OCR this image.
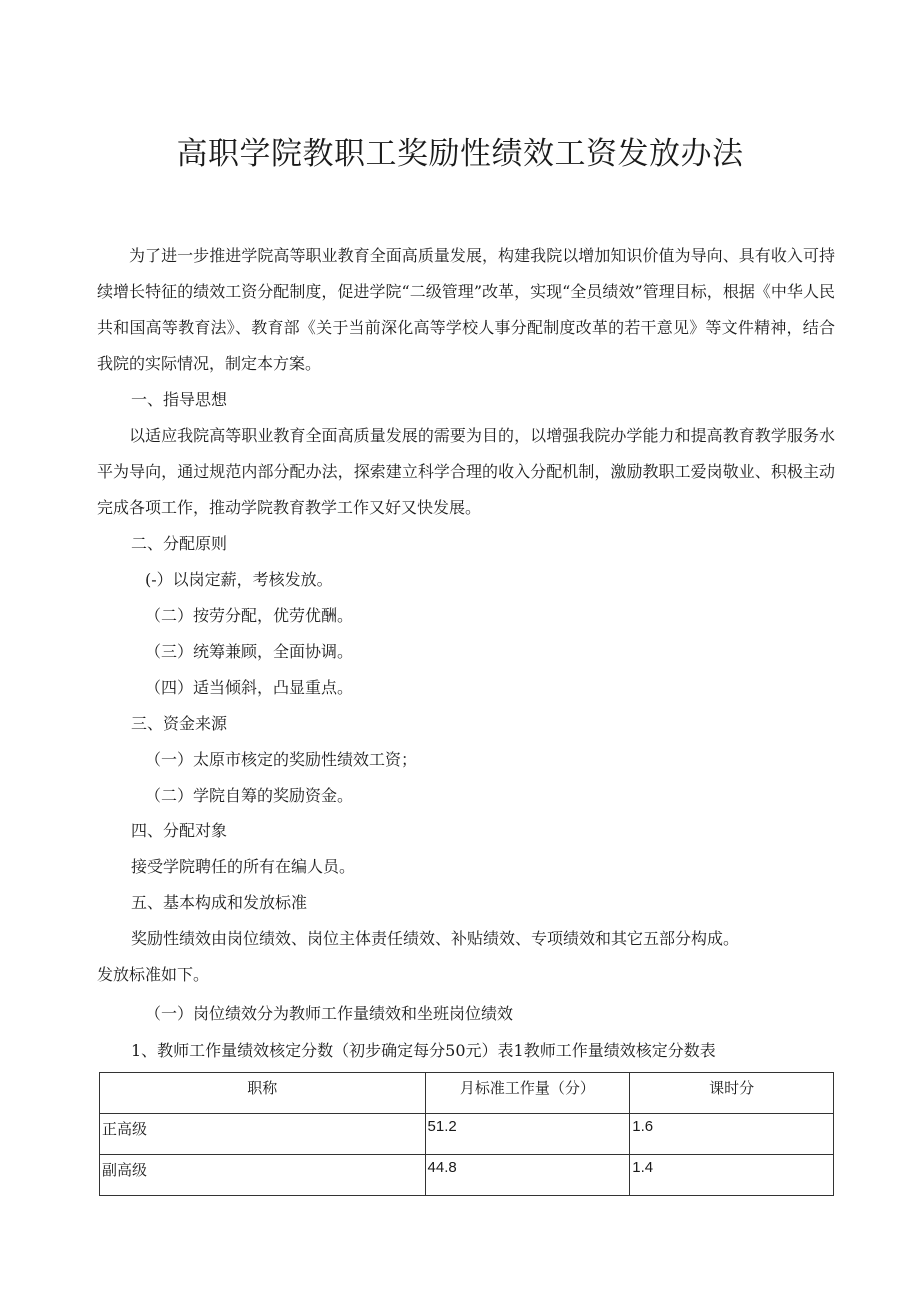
高职学院教职工奖励性绩效工资发放办法

为了进一步推进学院高等职业教育全面高质量发展，构建我院以增加知识价值为导向、具有收入可持续增长特征的绩效工资分配制度，促进学院“二级管理”改革，实现“全员绩效”管理目标，根据《中华人民共和国高等教育法》、教育部《关于当前深化高等学校人事分配制度改革的若干意见》等文件精神，结合我院的实际情况，制定本方案。

一、指导思想

以适应我院高等职业教育全面高质量发展的需要为目的，以增强我院办学能力和提高教育教学服务水平为导向，通过规范内部分配办法，探索建立科学合理的收入分配机制，激励教职工爱岗敬业、积极主动完成各项工作，推动学院教育教学工作又好又快发展。

二、分配原则

(-）以岗定薪，考核发放。

（二）按劳分配，优劳优酬。

（三）统筹兼顾，全面协调。

（四）适当倾斜，凸显重点。

三、资金来源

（一）太原市核定的奖励性绩效工资；

（二）学院自筹的奖励资金。

四、分配对象

接受学院聘任的所有在编人员。

五、基本构成和发放标准

奖励性绩效由岗位绩效、岗位主体责任绩效、补贴绩效、专项绩效和其它五部分构成。

发放标准如下。

（一）岗位绩效分为教师工作量绩效和坐班岗位绩效

1、教师工作量绩效核定分数（初步确定每分50元）表1教师工作量绩效核定分数表

职称	月标准工作量（分）	课时分
正高级	51.2	1.6
副高级	44.8	1.4
